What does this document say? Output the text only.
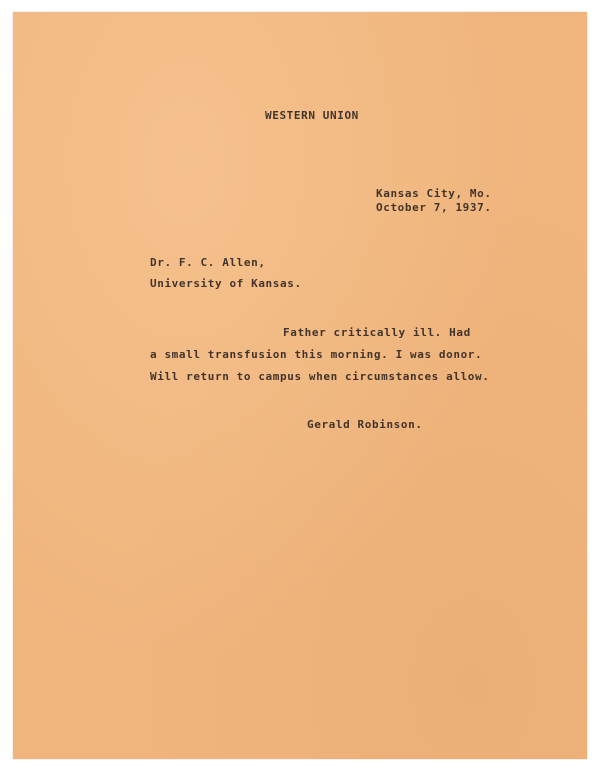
WESTERN UNION
Kansas City, Mo.
October 7, 1937.
Dr. F. C. Allen,
University of Kansas.
Father critically ill. Had
a small transfusion this morning. I was donor.
Will return to campus when circumstances allow.
Gerald Robinson.
